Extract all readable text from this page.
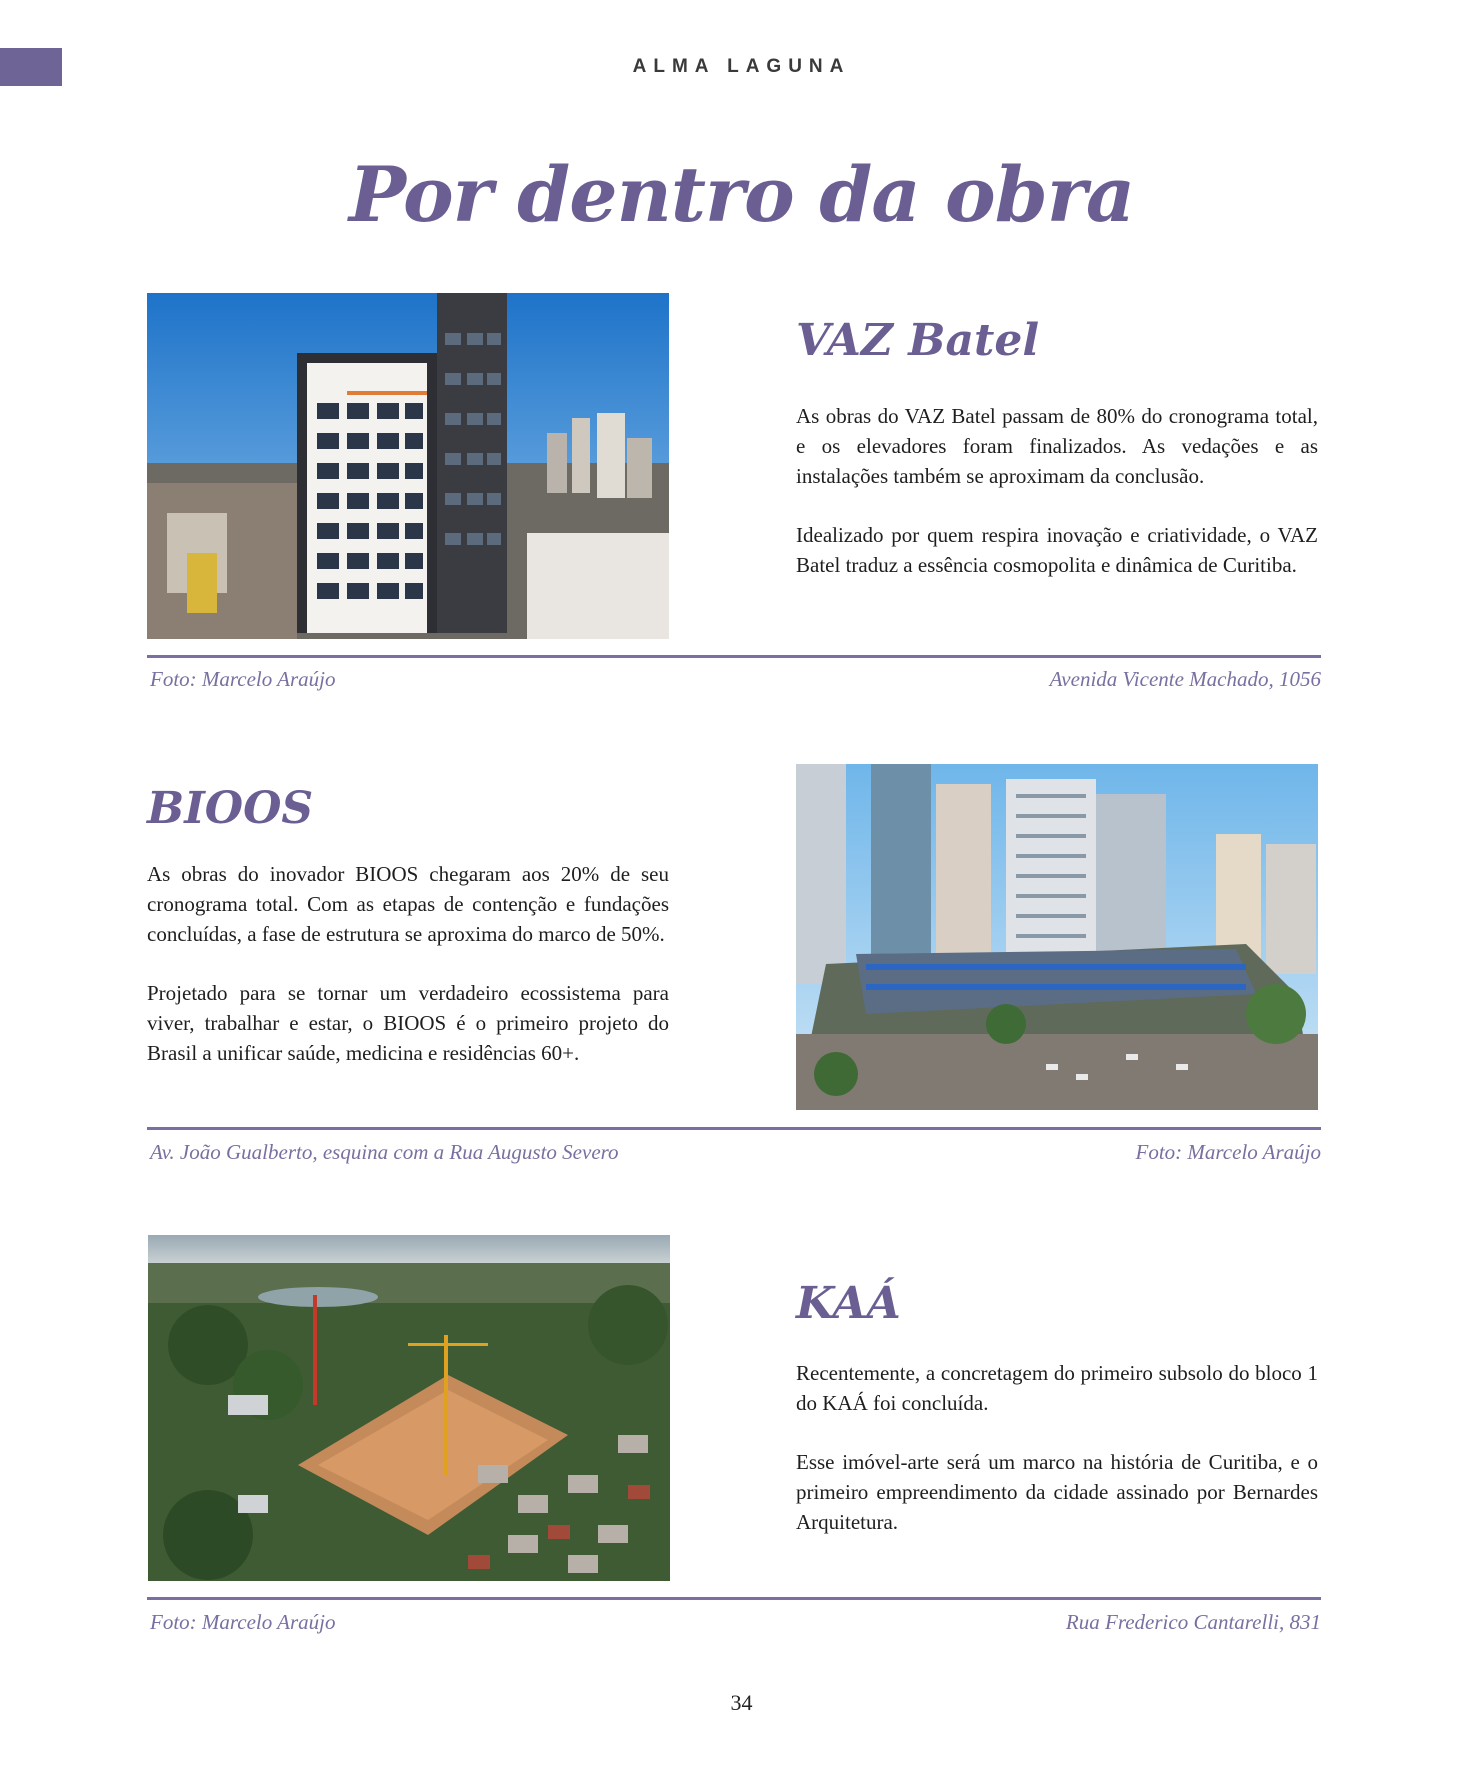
ALMA LAGUNA
Por dentro da obra
VAZ Batel

As obras do VAZ Batel passam de 80% do cronograma total, e os elevadores foram finalizados. As vedações e as instalações também se aproximam da conclusão.

Idealizado por quem respira inovação e criatividade, o VAZ Batel traduz a essência cosmopolita e dinâmica de Curitiba.

Foto: Marcelo Araújo	Avenida Vicente Machado, 1056
BIOOS

As obras do inovador BIOOS chegaram aos 20% de seu cronograma total. Com as etapas de contenção e fundações concluídas, a fase de estrutura se aproxima do marco de 50%.

Projetado para se tornar um verdadeiro ecossistema para viver, trabalhar e estar, o BIOOS é o primeiro projeto do Brasil a unificar saúde, medicina e residências 60+.

Av. João Gualberto, esquina com a Rua Augusto Severo	Foto: Marcelo Araújo
KAÁ

Recentemente, a concretagem do primeiro subsolo do bloco 1 do KAÁ foi concluída.

Esse imóvel-arte será um marco na história de Curitiba, e o primeiro empreendimento da cidade assinado por Bernardes Arquitetura.

Foto: Marcelo Araújo	Rua Frederico Cantarelli, 831
34
